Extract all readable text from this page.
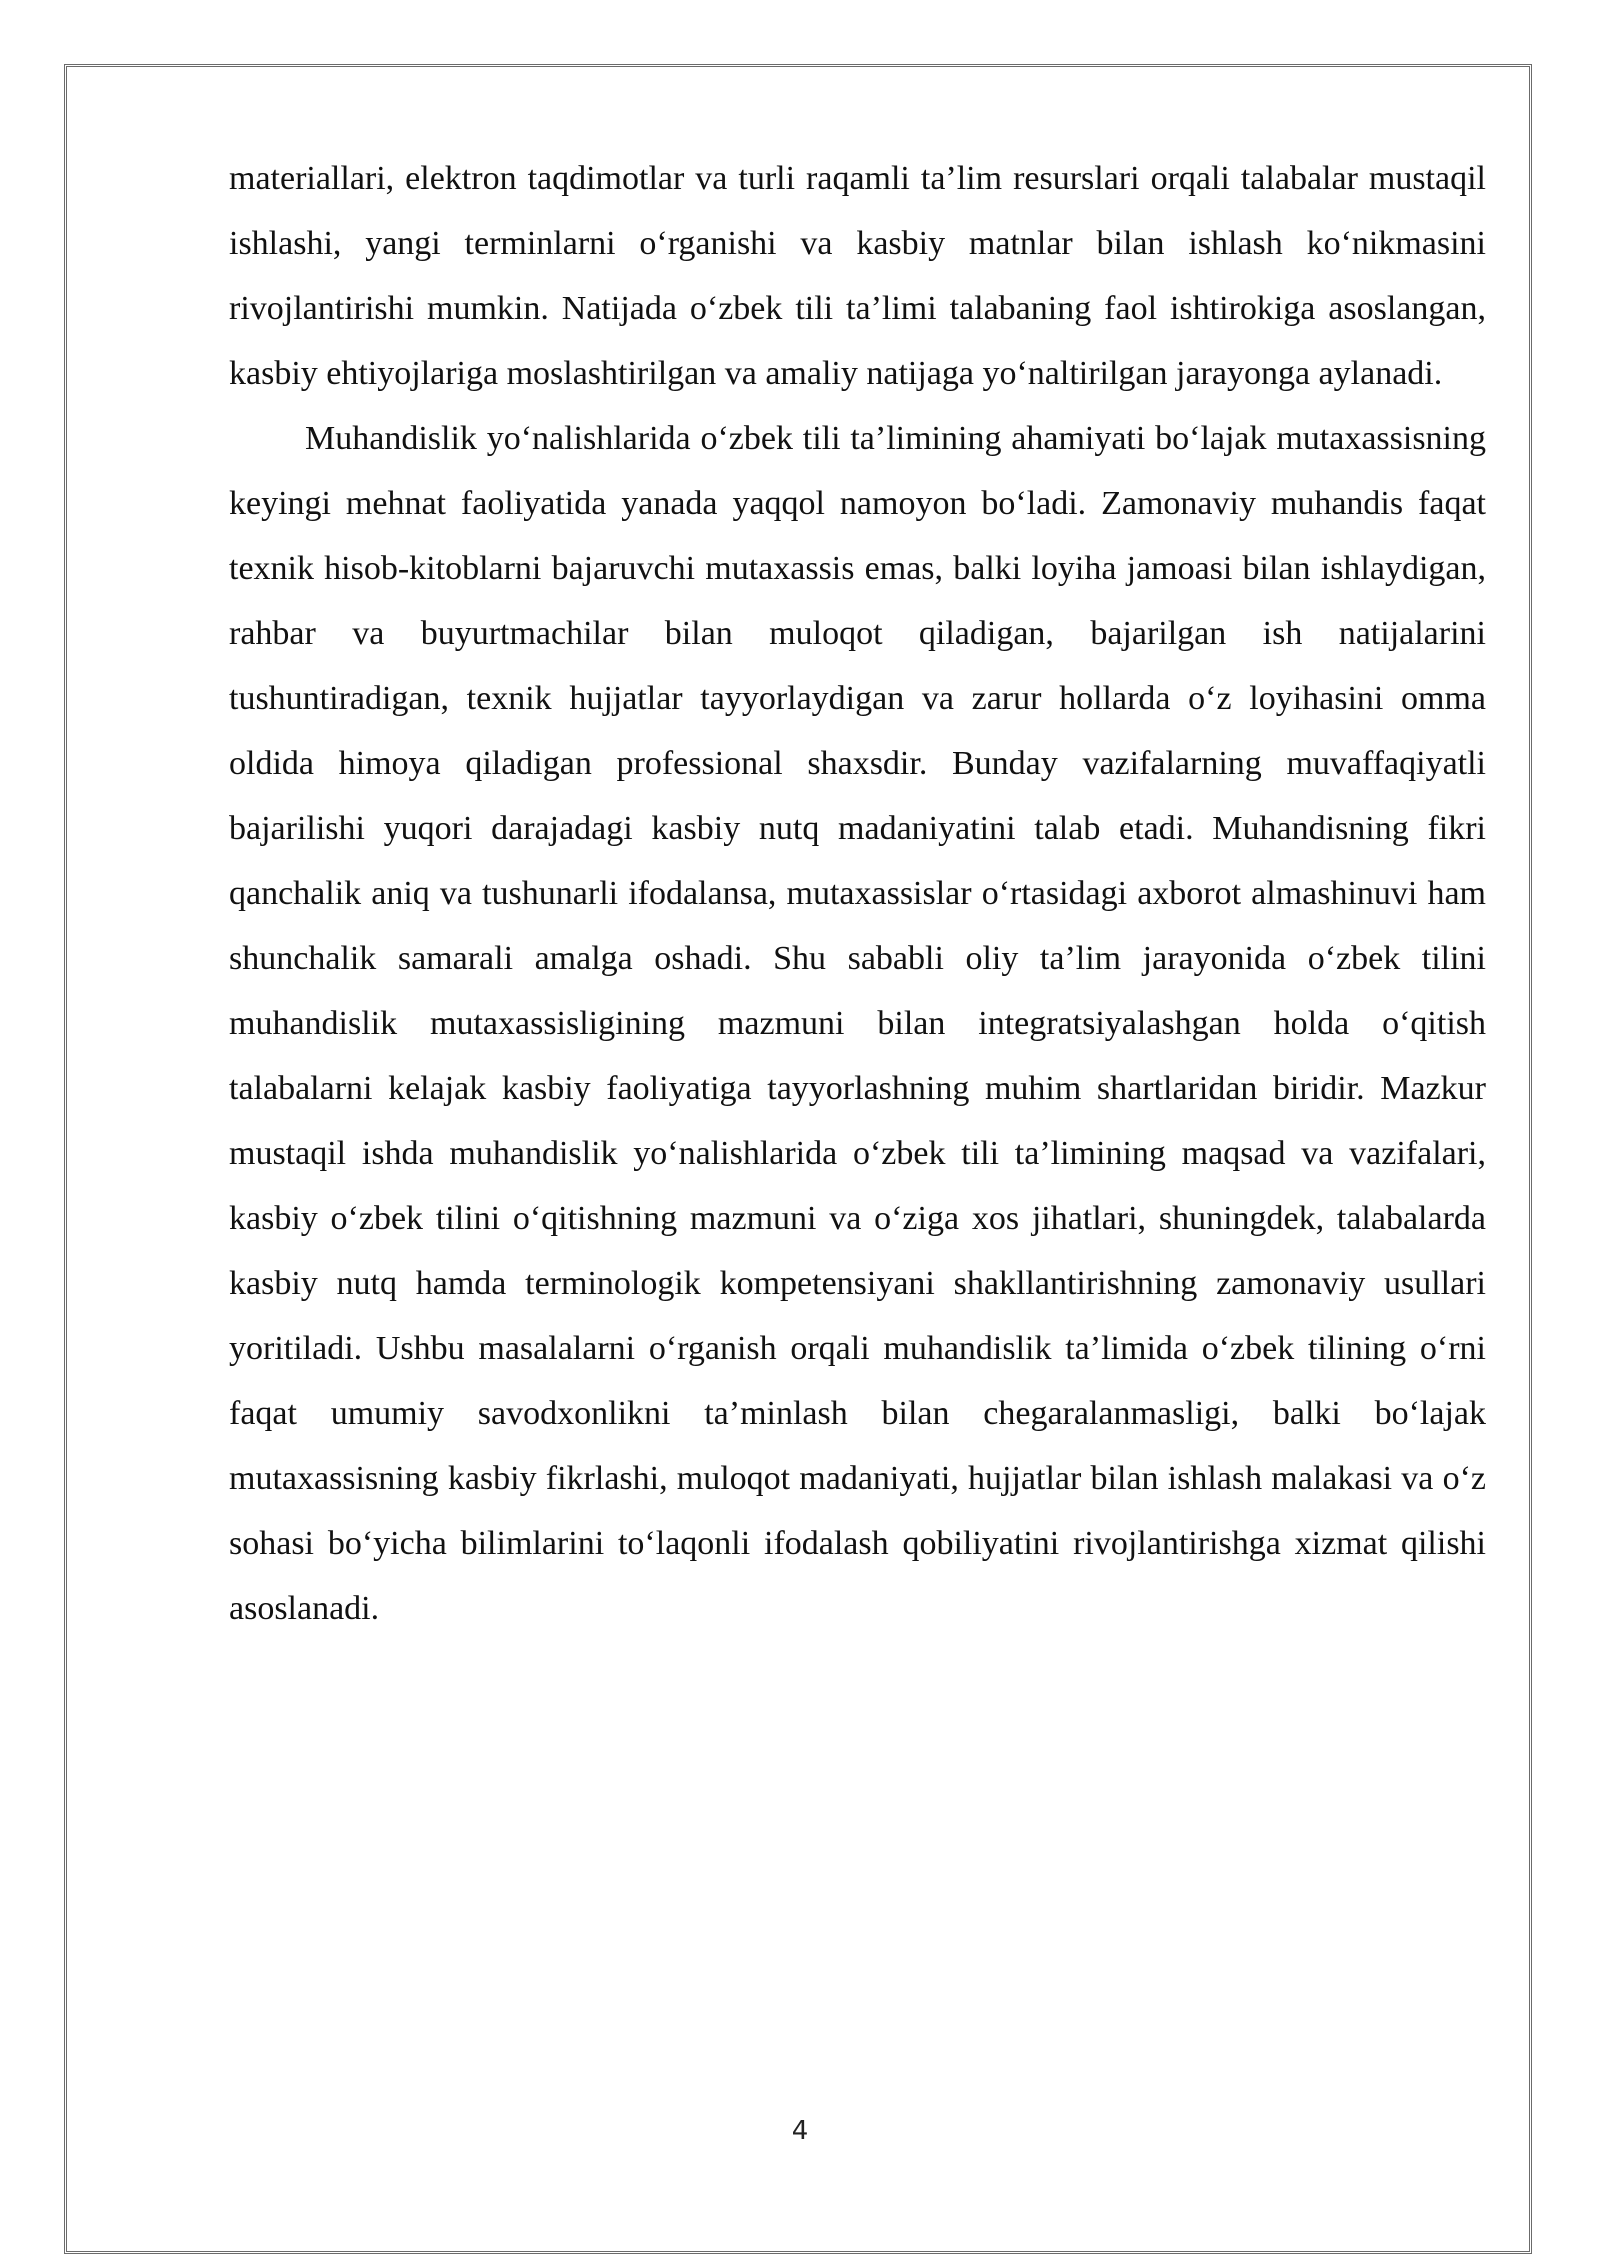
materiallari, elektron taqdimotlar va turli raqamli ta’lim resurslari orqali talabalar mustaqil ishlashi, yangi terminlarni o‘rganishi va kasbiy matnlar bilan ishlash ko‘nikmasini rivojlantirishi mumkin. Natijada o‘zbek tili ta’limi talabaning faol ishtirokiga asoslangan, kasbiy ehtiyojlariga moslashtirilgan va amaliy natijaga yo‘naltirilgan jarayonga aylanadi.

Muhandislik yo‘nalishlarida o‘zbek tili ta’limining ahamiyati bo‘lajak mutaxassisning keyingi mehnat faoliyatida yanada yaqqol namoyon bo‘ladi. Zamonaviy muhandis faqat texnik hisob-kitoblarni bajaruvchi mutaxassis emas, balki loyiha jamoasi bilan ishlaydigan, rahbar va buyurtmachilar bilan muloqot qiladigan, bajarilgan ish natijalarini tushuntiradigan, texnik hujjatlar tayyorlaydigan va zarur hollarda o‘z loyihasini omma oldida himoya qiladigan professional shaxsdir. Bunday vazifalarning muvaffaqiyatli bajarilishi yuqori darajadagi kasbiy nutq madaniyatini talab etadi. Muhandisning fikri qanchalik aniq va tushunarli ifodalansa, mutaxassislar o‘rtasidagi axborot almashinuvi ham shunchalik samarali amalga oshadi. Shu sababli oliy ta’lim jarayonida o‘zbek tilini muhandislik mutaxassisligining mazmuni bilan integratsiyalashgan holda o‘qitish talabalarni kelajak kasbiy faoliyatiga tayyorlashning muhim shartlaridan biridir. Mazkur mustaqil ishda muhandislik yo‘nalishlarida o‘zbek tili ta’limining maqsad va vazifalari, kasbiy o‘zbek tilini o‘qitishning mazmuni va o‘ziga xos jihatlari, shuningdek, talabalarda kasbiy nutq hamda terminologik kompetensiyani shakllantirishning zamonaviy usullari yoritiladi. Ushbu masalalarni o‘rganish orqali muhandislik ta’limida o‘zbek tilining o‘rni faqat umumiy savodxonlikni ta’minlash bilan chegaralanmasligi, balki bo‘lajak mutaxassisning kasbiy fikrlashi, muloqot madaniyati, hujjatlar bilan ishlash malakasi va o‘z sohasi bo‘yicha bilimlarini to‘laqonli ifodalash qobiliyatini rivojlantirishga xizmat qilishi asoslanadi.

4
